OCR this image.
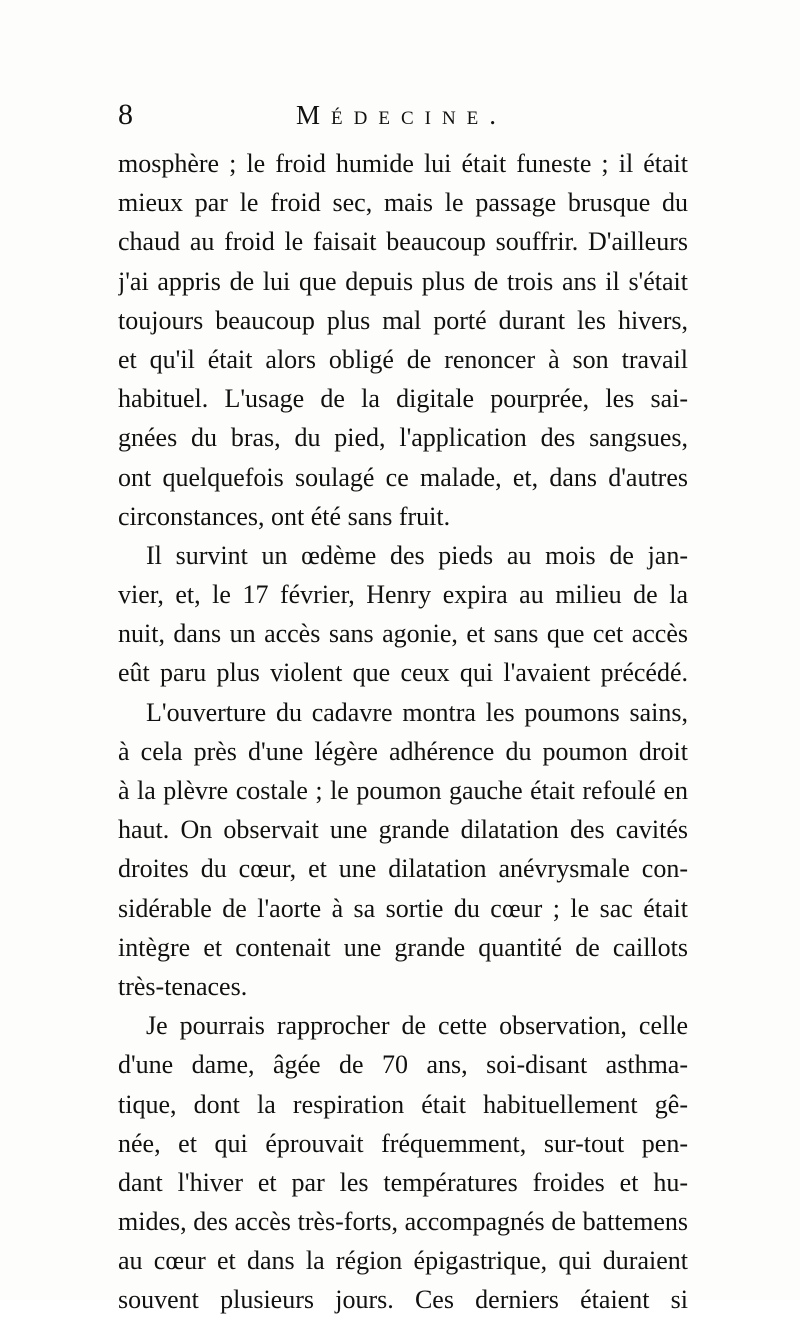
8	Médecine.
mosphère ; le froid humide lui était funeste ; il était
mieux par le froid sec, mais le passage brusque du
chaud au froid le faisait beaucoup souffrir. D'ailleurs
j'ai appris de lui que depuis plus de trois ans il s'était
toujours beaucoup plus mal porté durant les hivers,
et qu'il était alors obligé de renoncer à son travail
habituel. L'usage de la digitale pourprée, les sai-
gnées du bras, du pied, l'application des sangsues,
ont quelquefois soulagé ce malade, et, dans d'autres
circonstances, ont été sans fruit.
Il survint un œdème des pieds au mois de jan-
vier, et, le 17 février, Henry expira au milieu de la
nuit, dans un accès sans agonie, et sans que cet accès
eût paru plus violent que ceux qui l'avaient précédé.
L'ouverture du cadavre montra les poumons sains,
à cela près d'une légère adhérence du poumon droit
à la plèvre costale ; le poumon gauche était refoulé en
haut. On observait une grande dilatation des cavités
droites du cœur, et une dilatation anévrysmale con-
sidérable de l'aorte à sa sortie du cœur ; le sac était
intègre et contenait une grande quantité de caillots
très-tenaces.
Je pourrais rapprocher de cette observation, celle
d'une dame, âgée de 70 ans, soi-disant asthma-
tique, dont la respiration était habituellement gê-
née, et qui éprouvait fréquemment, sur-tout pen-
dant l'hiver et par les températures froides et hu-
mides, des accès très-forts, accompagnés de battemens
au cœur et dans la région épigastrique, qui duraient
souvent plusieurs jours. Ces derniers étaient si
